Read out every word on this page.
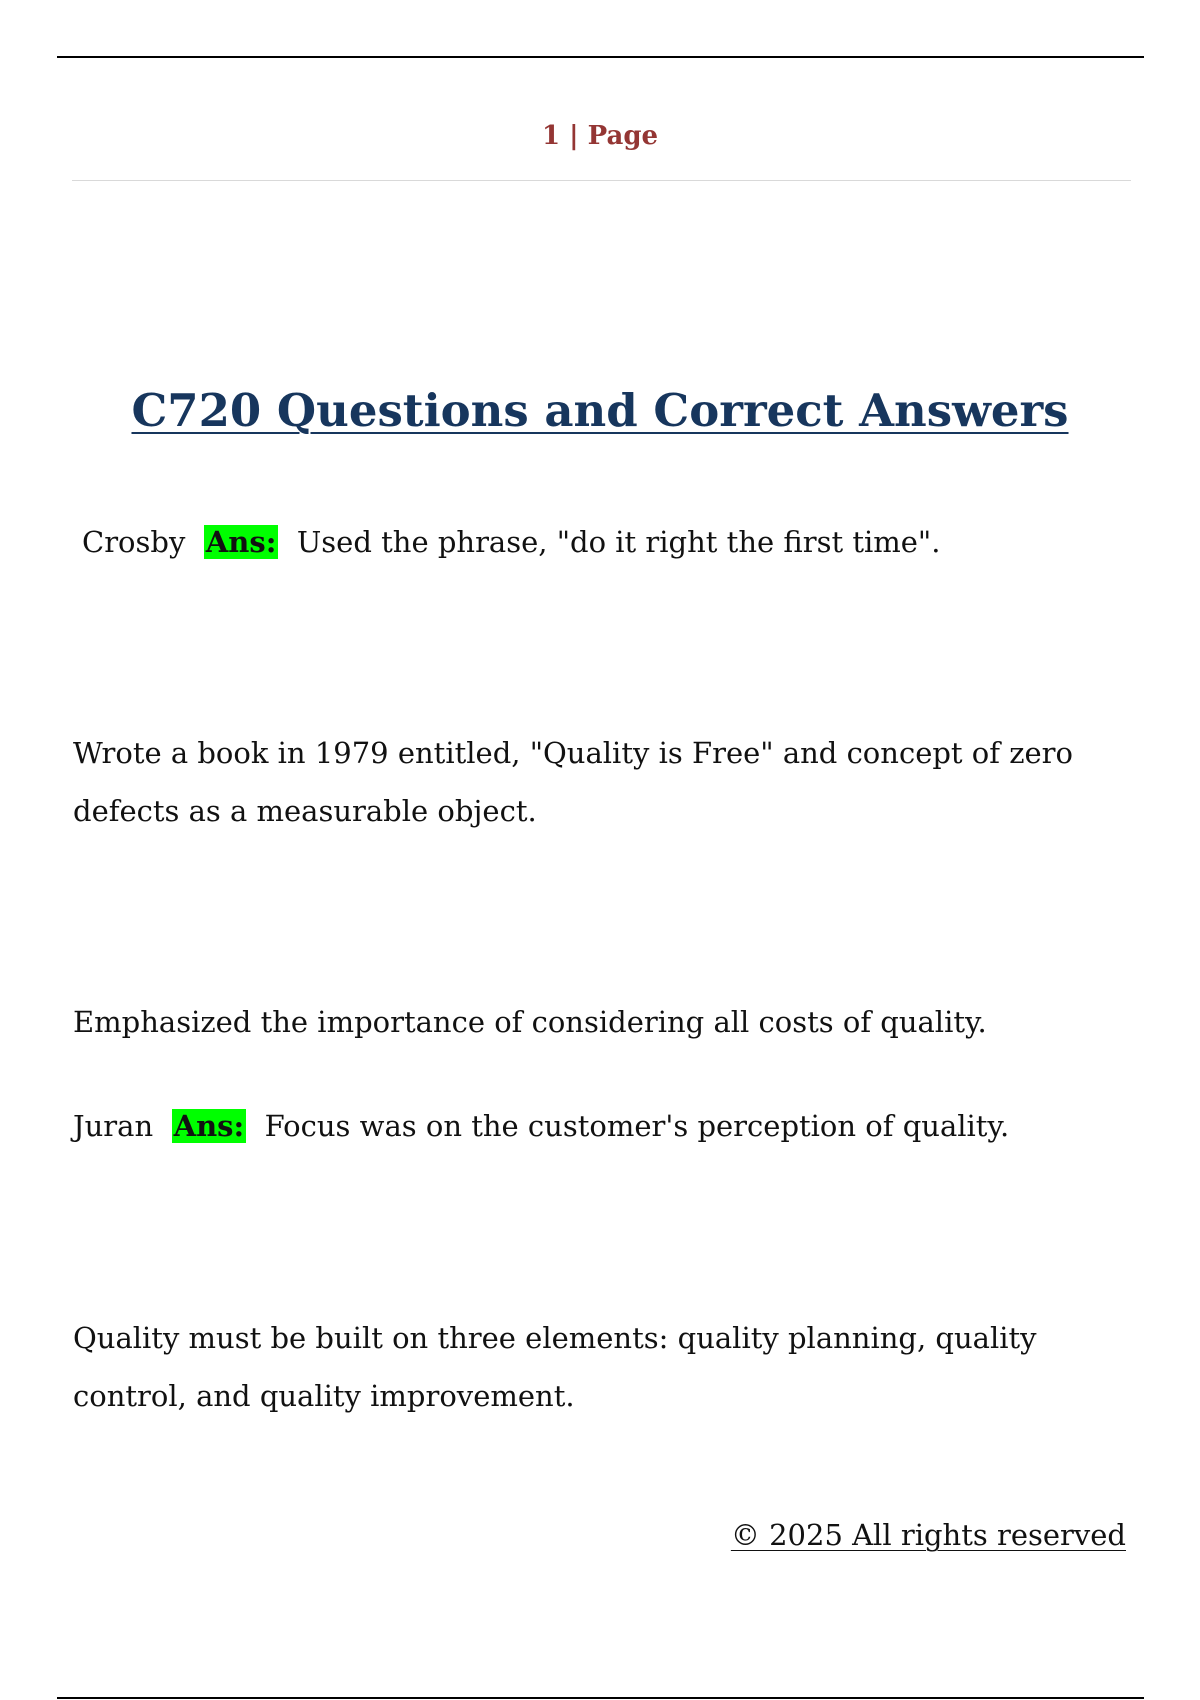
1 | Page
C720 Questions and Correct Answers

Crosby Ans: Used the phrase, "do it right the first time".

Wrote a book in 1979 entitled, "Quality is Free" and concept of zero defects as a measurable object.

Emphasized the importance of considering all costs of quality.

Juran Ans: Focus was on the customer's perception of quality.

Quality must be built on three elements: quality planning, quality control, and quality improvement.

© 2025 All rights reserved
